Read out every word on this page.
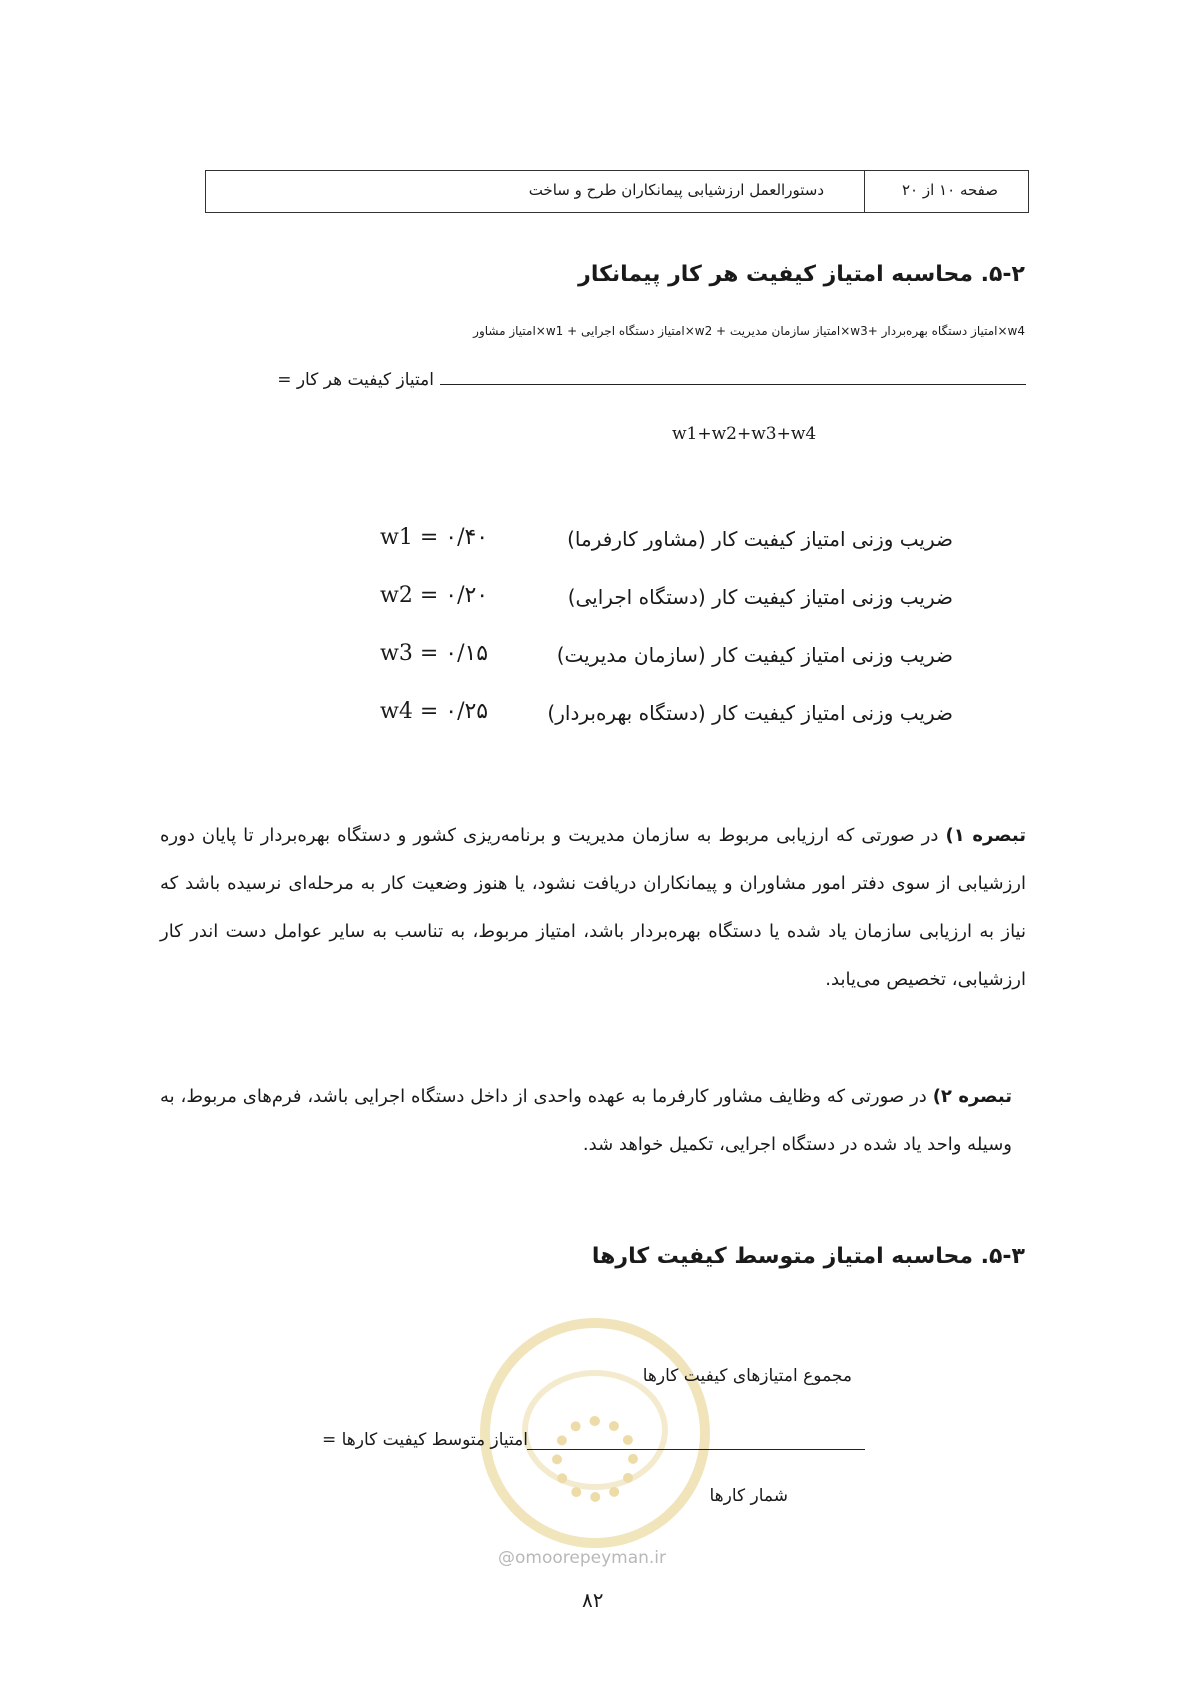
صفحه ۱۰ از ۲۰
دستورالعمل ارزشیابی پیمانکاران طرح و ساخت
۵-۲. محاسبه امتیاز کیفیت هر کار پیمانکار
w4×امتیاز دستگاه بهره‌بردار +w3×امتیاز سازمان مدیریت + w2×امتیاز دستگاه اجرایی + w1×امتیاز مشاور
امتیاز کیفیت هر کار =
w1+w2+w3+w4
ضریب وزنی امتیاز کیفیت کار (مشاور کارفرما)
w1 = ۰/۴۰
ضریب وزنی امتیاز کیفیت کار (دستگاه اجرایی)
w2 = ۰/۲۰
ضریب وزنی امتیاز کیفیت کار (سازمان مدیریت)
w3 = ۰/۱۵
ضریب وزنی امتیاز کیفیت کار (دستگاه بهره‌بردار)
w4 = ۰/۲۵
تبصره ۱) در صورتی که ارزیابی مربوط به سازمان مدیریت و برنامه‌ریزی کشور و دستگاه بهره‌بردار تا پایان دوره ارزشیابی از سوی دفتر امور مشاوران و پیمانکاران دریافت نشود، یا هنوز وضعیت کار به مرحله‌ای نرسیده باشد که نیاز به ارزیابی سازمان یاد شده یا دستگاه بهره‌بردار باشد، امتیاز مربوط، به تناسب به سایر عوامل دست اندر کار ارزشیابی، تخصیص می‌یابد.
تبصره ۲) در صورتی که وظایف مشاور کارفرما به عهده واحدی از داخل دستگاه اجرایی باشد، فرم‌های مربوط، به وسیله واحد یاد شده در دستگاه اجرایی، تکمیل خواهد شد.
۵-۳. محاسبه امتیاز متوسط کیفیت کارها
@omoorepeyman.ir
مجموع امتیازهای کیفیت کارها
امتیاز متوسط کیفیت کارها =
شمار کارها
۸۲
